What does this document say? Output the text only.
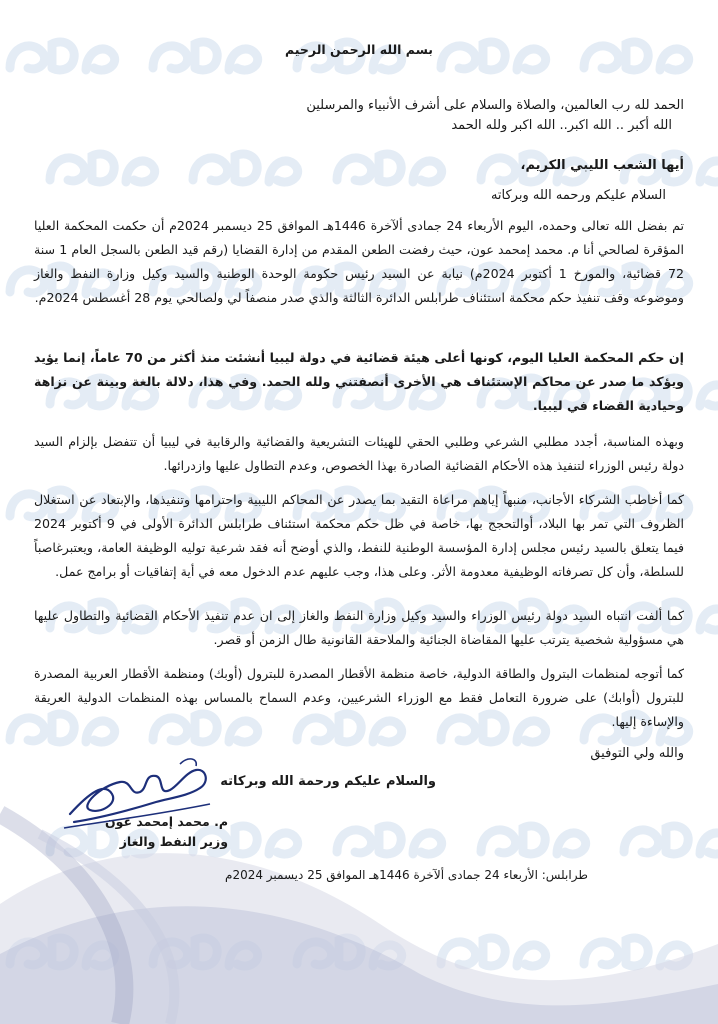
بسم الله الرحمن الرحيم
الحمد لله رب العالمين، والصلاة والسلام على أشرف الأنبياء والمرسلين
الله أكبر .. الله اكبر.. الله اكبر ولله الحمد
أيها الشعب الليبي الكريم،
السلام عليكم ورحمه الله وبركاته
تم بفضل الله تعالى وحمده، اليوم الأربعاء 24 جمادى ألآخرة 1446هـ الموافق 25 ديسمبر 2024م أن حكمت المحكمة العليا المؤقرة لصالحي أنا م. محمد إمحمد عون، حيث رفضت الطعن المقدم من إدارة القضايا (رقم قيد الطعن بالسجل العام 1 سنة 72 قضائية، والمورخ 1 أكتوبر 2024م) نيابة عن السيد رئيس حكومة الوحدة الوطنية والسيد وكيل وزارة النفط والغاز وموضوعه وقف تنفيذ حكم محكمة استئناف طرابلس الدائرة الثالثة والذي صدر منصفاً لي ولصالحي يوم 28 أغسطس 2024م.
إن حكم المحكمة العليا اليوم، كونها أعلى هيئة قضائية في دولة ليبيا أنشئت منذ أكثر من 70 عاماً، إنما يؤيد ويؤكد ما صدر عن محاكم الإستئناف هي الأخرى أنصفتني ولله الحمد. وفي هذا، دلالة بالغة وبينة عن نزاهة وحيادية القضاء في ليبيا.
وبهذه المناسبة، أجدد مطلبي الشرعي وطلبي الحقي للهيئات التشريعية والقضائية والرقابية في ليبيا أن تتفضل بإلزام السيد دولة رئيس الوزراء لتنفيذ هذه الأحكام القضائية الصادرة بهذا الخصوص، وعدم التطاول عليها وازدرائها.
كما أخاطب الشركاء الأجانب، منبهاً إياهم مراعاة التقيد بما يصدر عن المحاكم الليبية واحترامها وتنفيذها، والإبتعاد عن استغلال الظروف التي تمر بها البلاد، أوالتحجج بها، خاصة في ظل حكم محكمة استئناف طرابلس الدائرة الأولى في 9 أكتوبر 2024 فيما يتعلق بالسيد رئيس مجلس إدارة المؤسسة الوطنية للنفط، والذي أوضح أنه فقد شرعية توليه الوظيفة العامة، ويعتبرغاصباً للسلطة، وأن كل تصرفاته الوظيفية معدومة الأثر. وعلى هذا، وجب عليهم عدم الدخول معه في أية إتفاقيات أو برامج عمل.
كما ألفت انتباه السيد دولة رئيس الوزراء والسيد وكيل وزارة النفط والغاز إلى ان عدم تنفيذ الأحكام القضائية والتطاول عليها هي مسؤولية شخصية يترتب عليها المقاضاة الجنائية والملاحقة القانونية طال الزمن أو قصر.
كما أتوجه لمنظمات البترول والطاقة الدولية، خاصة منظمة الأقطار المصدرة للبترول (أوبك) ومنظمة الأقطار العربية المصدرة للبترول (أوابك) على ضرورة التعامل فقط مع الوزراء الشرعيين، وعدم السماح بالمساس بهذه المنظمات الدولية العريقة والإساءة إليها.
والله ولي التوفيق
والسلام عليكم ورحمة الله وبركاته
م. محمد إمحمد عون
وزير النفط والغاز
طرابلس: الأربعاء 24 جمادى ألآخرة 1446هـ الموافق 25 ديسمبر 2024م
